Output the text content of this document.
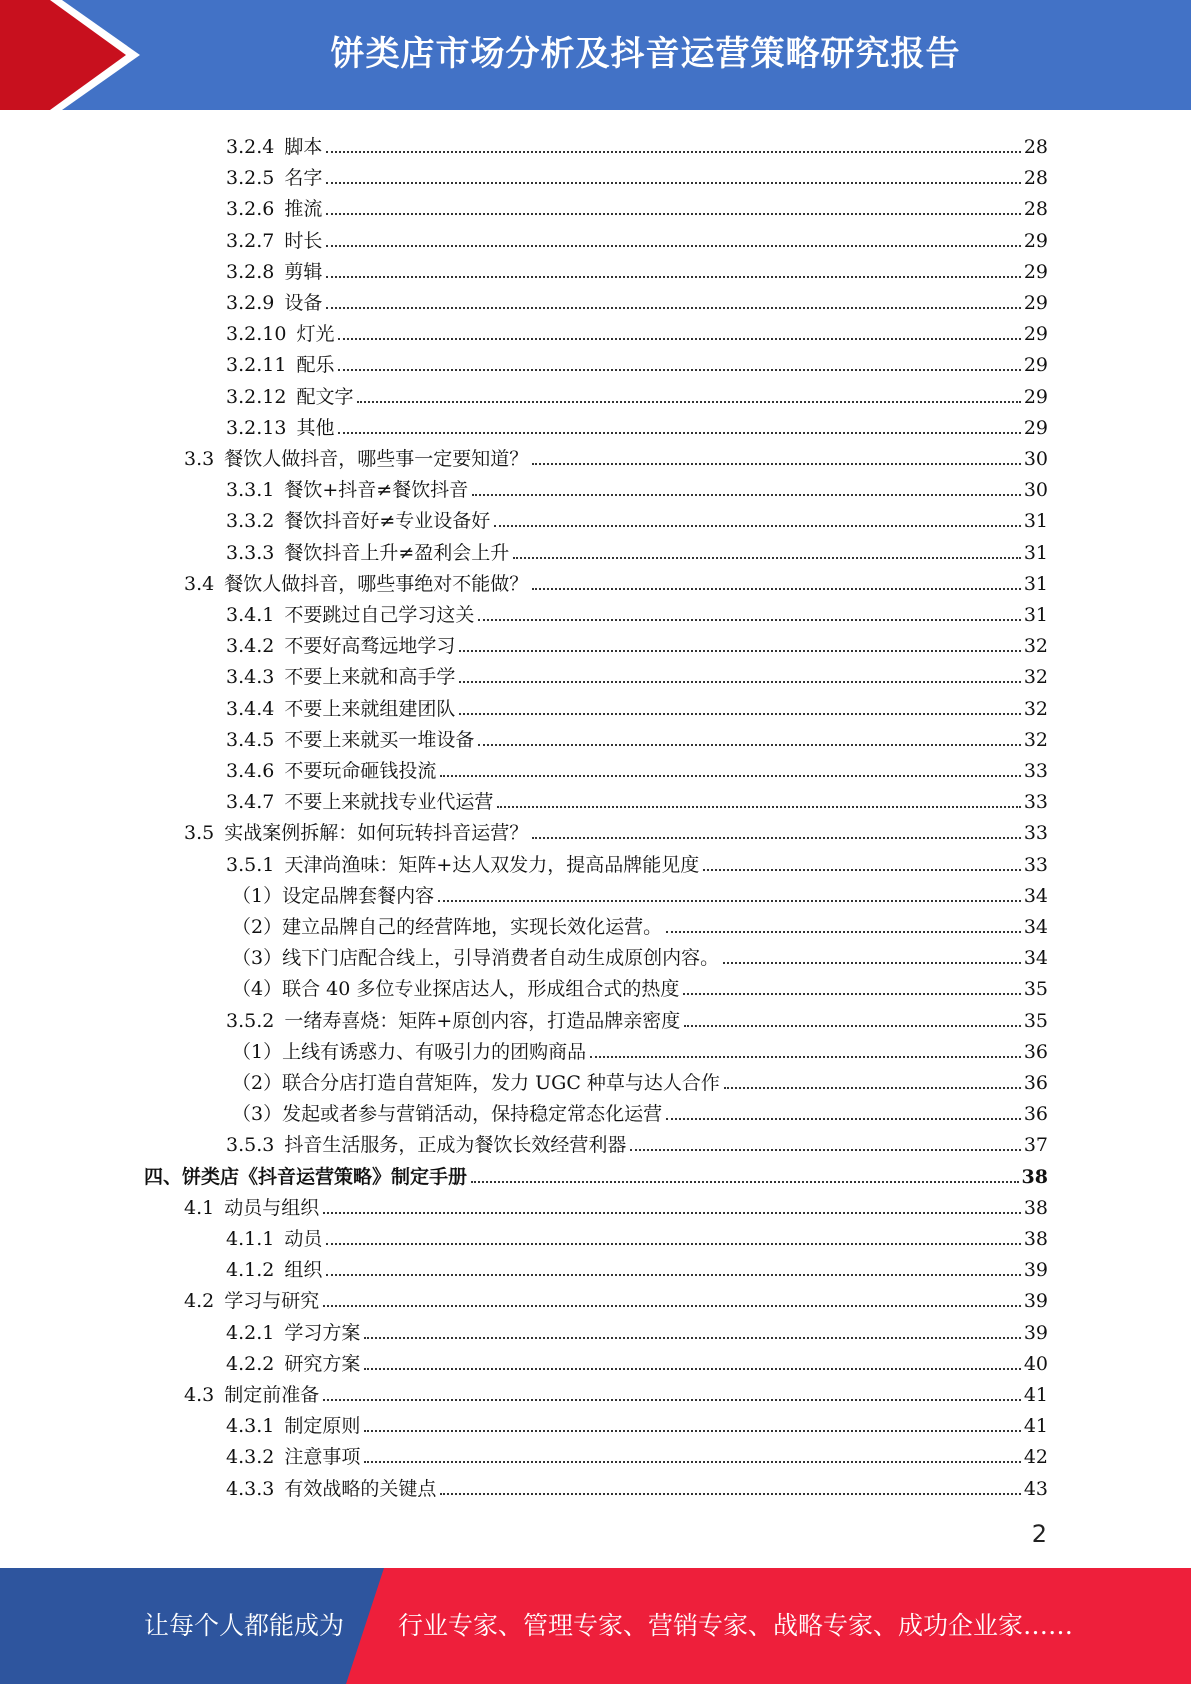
饼类店市场分析及抖音运营策略研究报告
3.2.4 脚本	28
3.2.5 名字	28
3.2.6 推流	28
3.2.7 时长	29
3.2.8 剪辑	29
3.2.9 设备	29
3.2.10 灯光	29
3.2.11 配乐	29
3.2.12 配文字	29
3.2.13 其他	29
3.3 餐饮人做抖音，哪些事一定要知道？	30
3.3.1 餐饮+抖音≠餐饮抖音	30
3.3.2 餐饮抖音好≠专业设备好	31
3.3.3 餐饮抖音上升≠盈利会上升	31
3.4 餐饮人做抖音，哪些事绝对不能做？	31
3.4.1 不要跳过自己学习这关	31
3.4.2 不要好高骛远地学习	32
3.4.3 不要上来就和高手学	32
3.4.4 不要上来就组建团队	32
3.4.5 不要上来就买一堆设备	32
3.4.6 不要玩命砸钱投流	33
3.4.7 不要上来就找专业代运营	33
3.5 实战案例拆解：如何玩转抖音运营？	33
3.5.1 天津尚渔味：矩阵+达人双发力，提高品牌能见度	33
（1）设定品牌套餐内容	34
（2）建立品牌自己的经营阵地，实现长效化运营。	34
（3）线下门店配合线上，引导消费者自动生成原创内容。	34
（4）联合 40 多位专业探店达人，形成组合式的热度	35
3.5.2 一绪寿喜烧：矩阵+原创内容，打造品牌亲密度	35
（1）上线有诱惑力、有吸引力的团购商品	36
（2）联合分店打造自营矩阵，发力 UGC 种草与达人合作	36
（3）发起或者参与营销活动，保持稳定常态化运营	36
3.5.3 抖音生活服务，正成为餐饮长效经营利器	37
四、 饼类店《抖音运营策略》制定手册	38
4.1 动员与组织	38
4.1.1 动员	38
4.1.2 组织	39
4.2 学习与研究	39
4.2.1 学习方案	39
4.2.2 研究方案	40
4.3 制定前准备	41
4.3.1 制定原则	41
4.3.2 注意事项	42
4.3.3 有效战略的关键点	43
2
让每个人都能成为 行业专家、管理专家、营销专家、战略专家、成功企业家……
